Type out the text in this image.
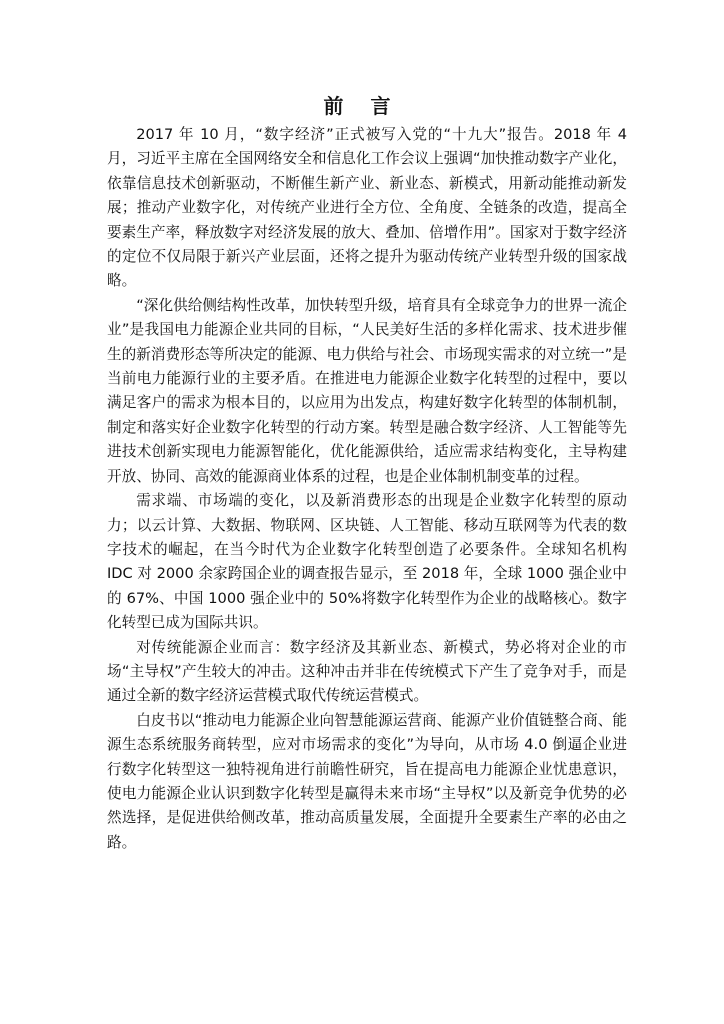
前 言

2017 年 10 月，“数字经济”正式被写入党的“十九大”报告。2018 年 4 月，习近平主席在全国网络安全和信息化工作会议上强调“加快推动数字产业化，依靠信息技术创新驱动，不断催生新产业、新业态、新模式，用新动能推动新发展；推动产业数字化，对传统产业进行全方位、全角度、全链条的改造，提高全要素生产率，释放数字对经济发展的放大、叠加、倍增作用”。国家对于数字经济的定位不仅局限于新兴产业层面，还将之提升为驱动传统产业转型升级的国家战略。

“深化供给侧结构性改革，加快转型升级，培育具有全球竞争力的世界一流企业”是我国电力能源企业共同的目标，“人民美好生活的多样化需求、技术进步催生的新消费形态等所决定的能源、电力供给与社会、市场现实需求的对立统一”是当前电力能源行业的主要矛盾。在推进电力能源企业数字化转型的过程中，要以满足客户的需求为根本目的，以应用为出发点，构建好数字化转型的体制机制，制定和落实好企业数字化转型的行动方案。转型是融合数字经济、人工智能等先进技术创新实现电力能源智能化，优化能源供给，适应需求结构变化，主导构建开放、协同、高效的能源商业体系的过程，也是企业体制机制变革的过程。

需求端、市场端的变化，以及新消费形态的出现是企业数字化转型的原动力；以云计算、大数据、物联网、区块链、人工智能、移动互联网等为代表的数字技术的崛起，在当今时代为企业数字化转型创造了必要条件。全球知名机构 IDC 对 2000 余家跨国企业的调查报告显示，至 2018 年，全球 1000 强企业中的 67%、中国 1000 强企业中的 50%将数字化转型作为企业的战略核心。数字化转型已成为国际共识。

对传统能源企业而言：数字经济及其新业态、新模式，势必将对企业的市场“主导权”产生较大的冲击。这种冲击并非在传统模式下产生了竞争对手，而是通过全新的数字经济运营模式取代传统运营模式。

白皮书以“推动电力能源企业向智慧能源运营商、能源产业价值链整合商、能源生态系统服务商转型，应对市场需求的变化”为导向，从市场 4.0 倒逼企业进行数字化转型这一独特视角进行前瞻性研究，旨在提高电力能源企业忧患意识，使电力能源企业认识到数字化转型是赢得未来市场“主导权”以及新竞争优势的必然选择，是促进供给侧改革，推动高质量发展，全面提升全要素生产率的必由之路。
